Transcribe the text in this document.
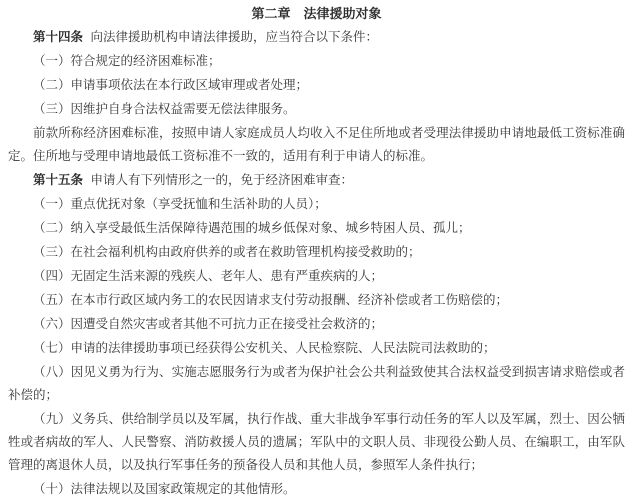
第二章　法律援助对象

第十四条 向法律援助机构申请法律援助，应当符合以下条件：

（一）符合规定的经济困难标准；

（二）申请事项依法在本行政区域审理或者处理；

（三）因维护自身合法权益需要无偿法律服务。

前款所称经济困难标准，按照申请人家庭成员人均收入不足住所地或者受理法律援助申请地最低工资标准确定。住所地与受理申请地最低工资标准不一致的，适用有利于申请人的标准。

第十五条 申请人有下列情形之一的，免于经济困难审查：

（一）重点优抚对象（享受抚恤和生活补助的人员）；

（二）纳入享受最低生活保障待遇范围的城乡低保对象、城乡特困人员、孤儿；

（三）在社会福利机构由政府供养的或者在救助管理机构接受救助的；

（四）无固定生活来源的残疾人、老年人、患有严重疾病的人；

（五）在本市行政区域内务工的农民因请求支付劳动报酬、经济补偿或者工伤赔偿的；

（六）因遭受自然灾害或者其他不可抗力正在接受社会救济的；

（七）申请的法律援助事项已经获得公安机关、人民检察院、人民法院司法救助的；

（八）因见义勇为行为、实施志愿服务行为或者为保护社会公共利益致使其合法权益受到损害请求赔偿或者补偿的；

（九）义务兵、供给制学员以及军属，执行作战、重大非战争军事行动任务的军人以及军属，烈士、因公牺牲或者病故的军人、人民警察、消防救援人员的遗属；军队中的文职人员、非现役公勤人员、在编职工，由军队管理的离退休人员，以及执行军事任务的预备役人员和其他人员，参照军人条件执行；

（十）法律法规以及国家政策规定的其他情形。
